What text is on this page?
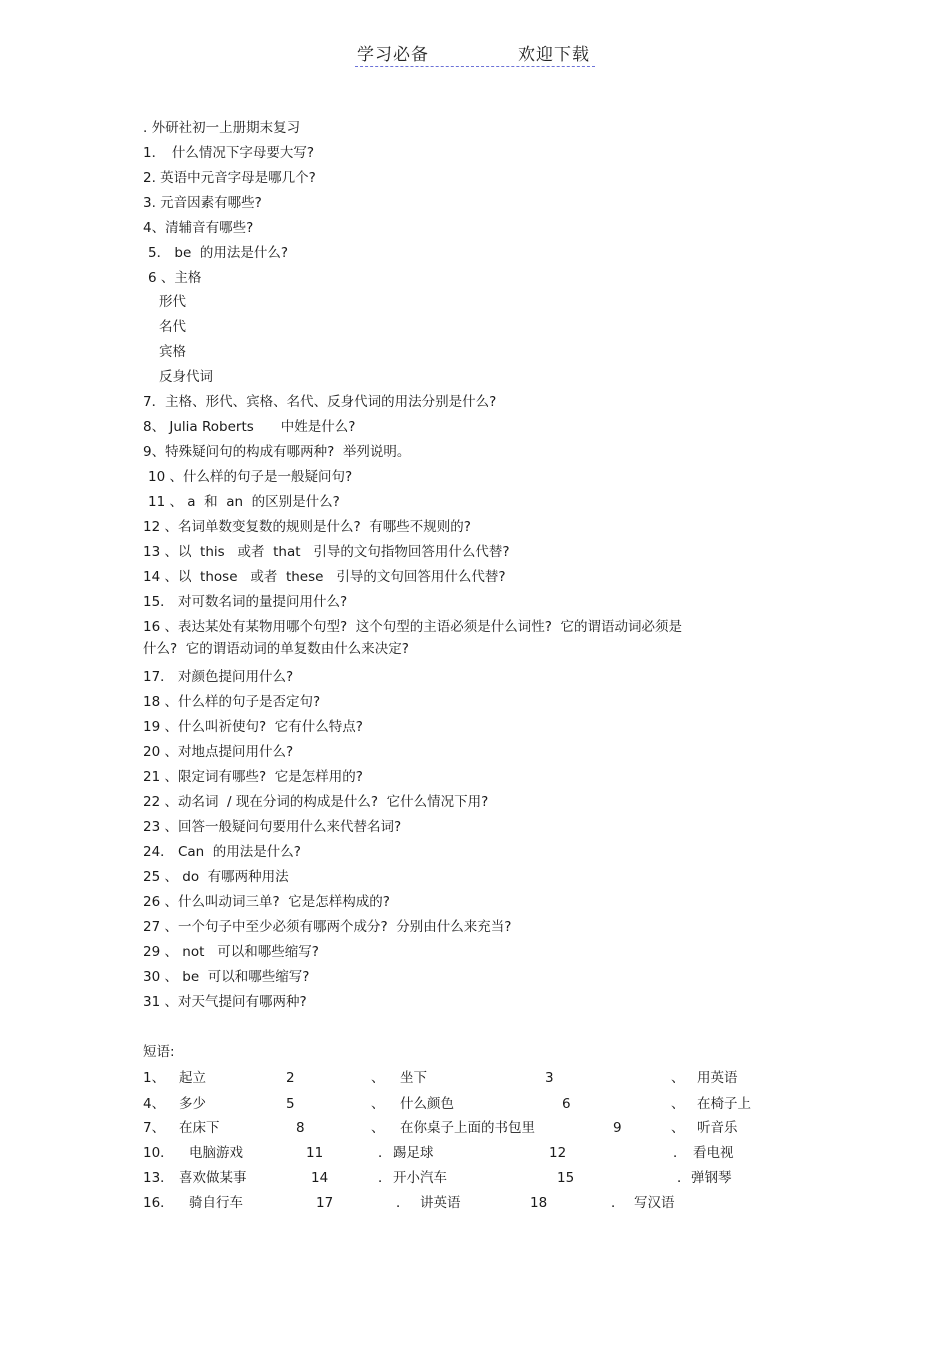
学习必备	欢迎下载
. 外研社初一上册期末复习
1．　什么情况下字母要大写?
2. 英语中元音字母是哪几个?
3. 元音因素有哪些?
4、清辅音有哪些?
5． be  的用法是什么?
6 、主格
形代
名代
宾格
反身代词
7．主格、形代、宾格、名代、反身代词的用法分别是什么?
8、 Julia Roberts　　中姓是什么?
9、特殊疑问句的构成有哪两种?  举列说明。
10 、什么样的句子是一般疑问句?
11 、 a  和  an  的区别是什么?
12 、名词单数变复数的规则是什么?  有哪些不规则的?
13 、以  this   或者  that   引导的文句指物回答用什么代替?
14 、以  those   或者  these   引导的文句回答用什么代替?
15． 对可数名词的量提问用什么?
16 、表达某处有某物用哪个句型?  这个句型的主语必须是什么词性?  它的谓语动词必须是
什么?  它的谓语动词的单复数由什么来决定?
17． 对颜色提问用什么?
18 、什么样的句子是否定句?
19 、什么叫祈使句?  它有什么特点?
20 、对地点提问用什么?
21 、限定词有哪些?  它是怎样用的?
22 、动名词  / 现在分词的构成是什么?  它什么情况下用?
23 、回答一般疑问句要用什么来代替名词?
24． Can  的用法是什么?
25 、 do  有哪两种用法
26 、什么叫动词三单?  它是怎样构成的?
27 、一个句子中至少必须有哪两个成分?  分别由什么来充当?
29 、 not   可以和哪些缩写?
30 、 be  可以和哪些缩写?
31 、对天气提问有哪两种?
短语:
1、 起立	2	、 坐下	3	、 用英语
4、 多少	5	、 什么颜色	6	、 在椅子上
7、 在床下	8	、 在你桌子上面的书包里	9	、 听音乐
10． 电脑游戏	11	． 踢足球	12	． 看电视
13． 喜欢做某事	14	． 开小汽车	15	． 弹钢琴
16． 骑自行车	17	． 讲英语	18	． 写汉语
